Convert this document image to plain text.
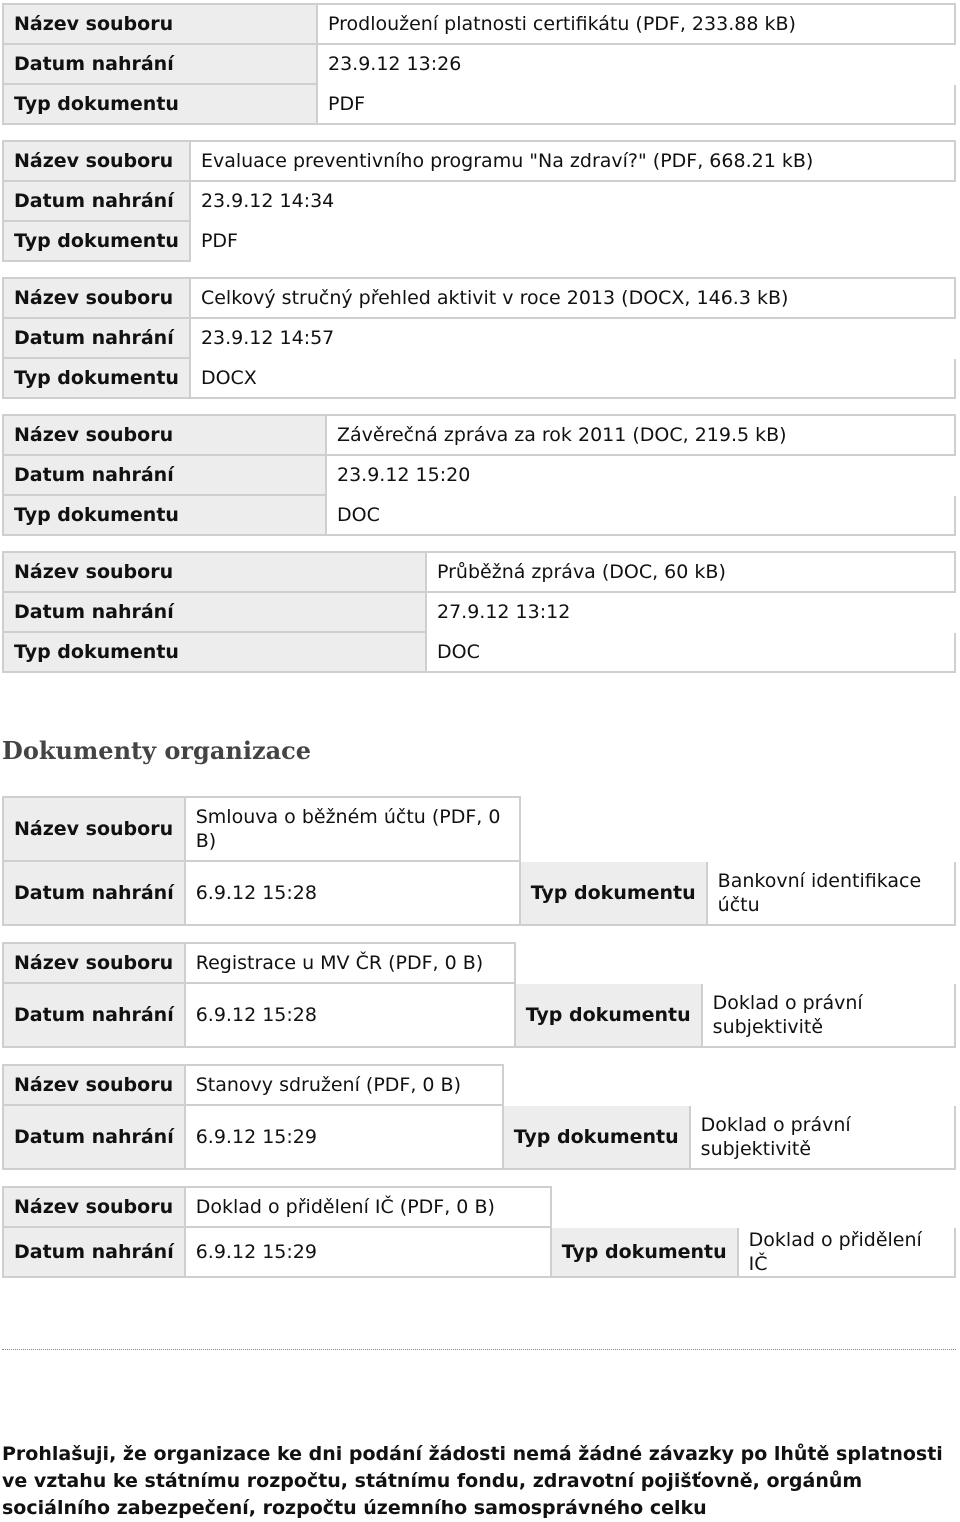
Název souboru	Prodloužení platnosti certifikátu (PDF, 233.88 kB)
Datum nahrání	23.9.12 13:26
Typ dokumentu	PDF
Název souboru	Evaluace preventivního programu "Na zdraví?" (PDF, 668.21 kB)
Datum nahrání	23.9.12 14:34
Typ dokumentu	PDF
Název souboru	Celkový stručný přehled aktivit v roce 2013 (DOCX, 146.3 kB)
Datum nahrání	23.9.12 14:57
Typ dokumentu	DOCX
Název souboru	Závěrečná zpráva za rok 2011 (DOC, 219.5 kB)
Datum nahrání	23.9.12 15:20
Typ dokumentu	DOC
Název souboru	Průběžná zpráva (DOC, 60 kB)
Datum nahrání	27.9.12 13:12
Typ dokumentu	DOC
Dokumenty organizace
Název souboru	Smlouva o běžném účtu (PDF, 0 B)		
Datum nahrání	6.9.12 15:28	Typ dokumentu	Bankovní identifikace účtu
Název souboru	Registrace u MV ČR (PDF, 0 B)		
Datum nahrání	6.9.12 15:28	Typ dokumentu	Doklad o právní subjektivitě
Název souboru	Stanovy sdružení (PDF, 0 B)		
Datum nahrání	6.9.12 15:29	Typ dokumentu	Doklad o právní subjektivitě
Název souboru	Doklad o přidělení IČ (PDF, 0 B)		
Datum nahrání	6.9.12 15:29	Typ dokumentu	Doklad o přidělení IČ

Prohlašuji, že organizace ke dni podání žádosti nemá žádné závazky po lhůtě splatnosti ve vztahu ke státnímu rozpočtu, státnímu fondu, zdravotní pojišťovně, orgánům sociálního zabezpečení, rozpočtu územního samosprávného celku
